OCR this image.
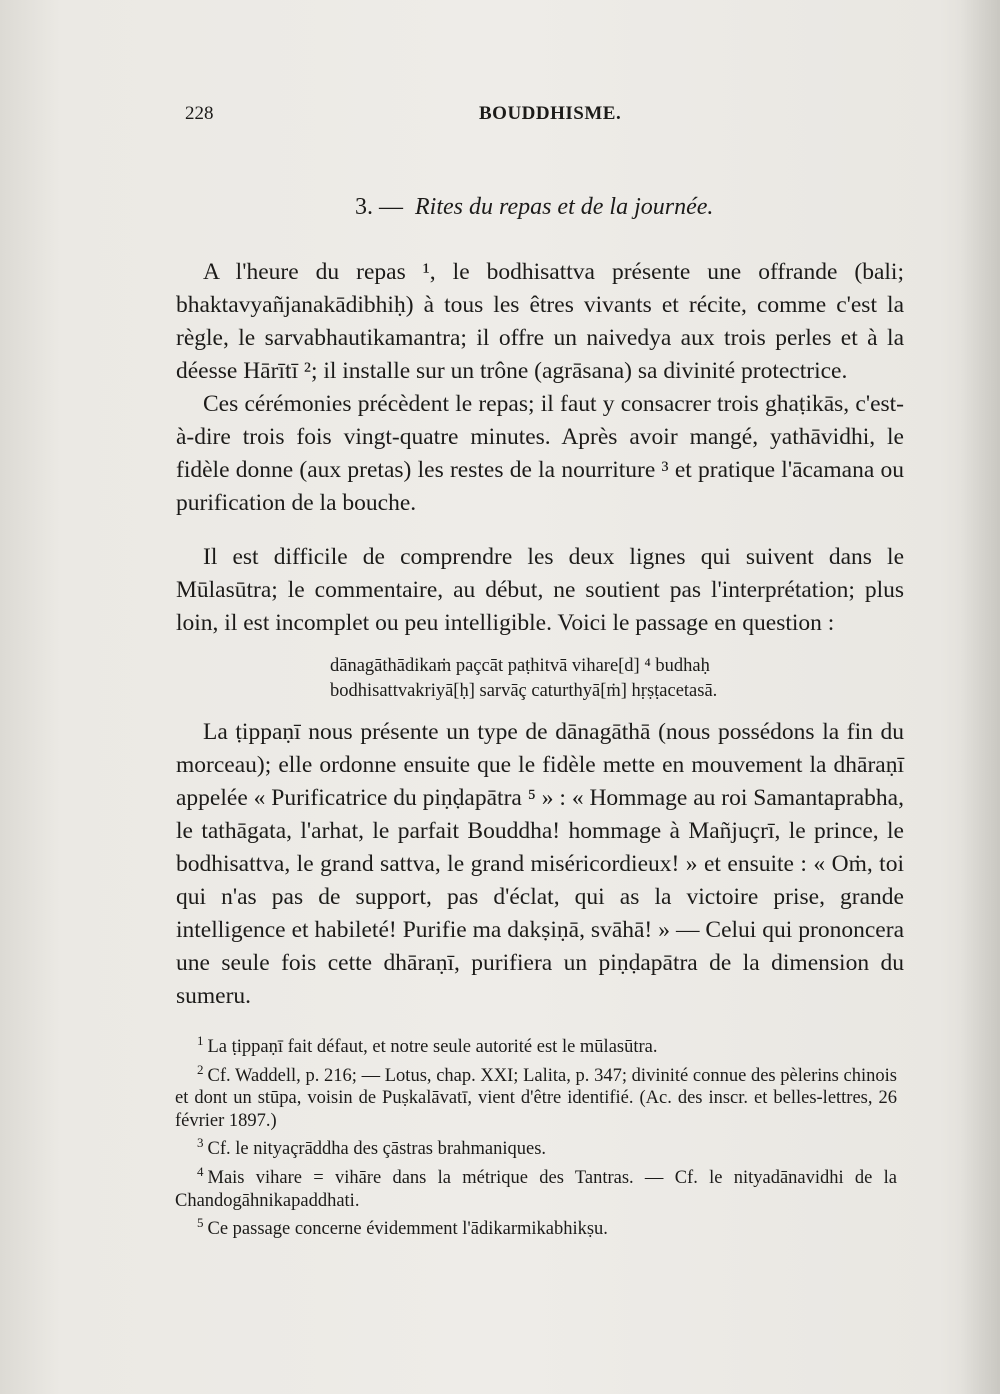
228	BOUDDHISME.
3. — Rites du repas et de la journée.

A l'heure du repas ¹, le bodhisattva présente une offrande (bali; bhaktavyañjanakādibhiḥ) à tous les êtres vivants et récite, comme c'est la règle, le sarvabhautikamantra; il offre un naivedya aux trois perles et à la déesse Hārītī ²; il installe sur un trône (agrāsana) sa divinité protectrice.

Ces cérémonies précèdent le repas; il faut y consacrer trois ghaṭikās, c'est-à-dire trois fois vingt-quatre minutes. Après avoir mangé, yathāvidhi, le fidèle donne (aux pretas) les restes de la nourriture ³ et pratique l'ācamana ou purification de la bouche.

Il est difficile de comprendre les deux lignes qui suivent dans le Mūlasūtra; le commentaire, au début, ne soutient pas l'interprétation; plus loin, il est incomplet ou peu intelligible. Voici le passage en question :

dānagāthādikaṁ paçcāt paṭhitvā vihare[d] ⁴ budhaḥ
bodhisattvakriyā[ḥ] sarvāç caturthyā[ṁ] hṛṣṭacetasā.

La ṭippaṇī nous présente un type de dānagāthā (nous possédons la fin du morceau); elle ordonne ensuite que le fidèle mette en mouvement la dhāraṇī appelée « Purificatrice du piṇḍapātra ⁵ » : « Hommage au roi Samantaprabha, le tathāgata, l'arhat, le parfait Bouddha! hommage à Mañjuçrī, le prince, le bodhisattva, le grand sattva, le grand miséricordieux! » et ensuite : « Oṁ, toi qui n'as pas de support, pas d'éclat, qui as la victoire prise, grande intelligence et habileté! Purifie ma dakṣiṇā, svāhā! » — Celui qui prononcera une seule fois cette dhāraṇī, purifiera un piṇḍapātra de la dimension du sumeru.

$^1$ La ṭippaṇī fait défaut, et notre seule autorité est le mūlasūtra.

$^2$ Cf. Waddell, p. 216; — Lotus, chap. XXI; Lalita, p. 347; divinité connue des pèlerins chinois et dont un stūpa, voisin de Puṣkalāvatī, vient d'être identifié. (Ac. des inscr. et belles-lettres, 26 février 1897.)

$^3$ Cf. le nityaçrāddha des çāstras brahmaniques.

$^4$ Mais vihare = vihāre dans la métrique des Tantras. — Cf. le nityadānavidhi de la Chandogāhnikapaddhati.

$^5$ Ce passage concerne évidemment l'ādikarmikabhikṣu.
